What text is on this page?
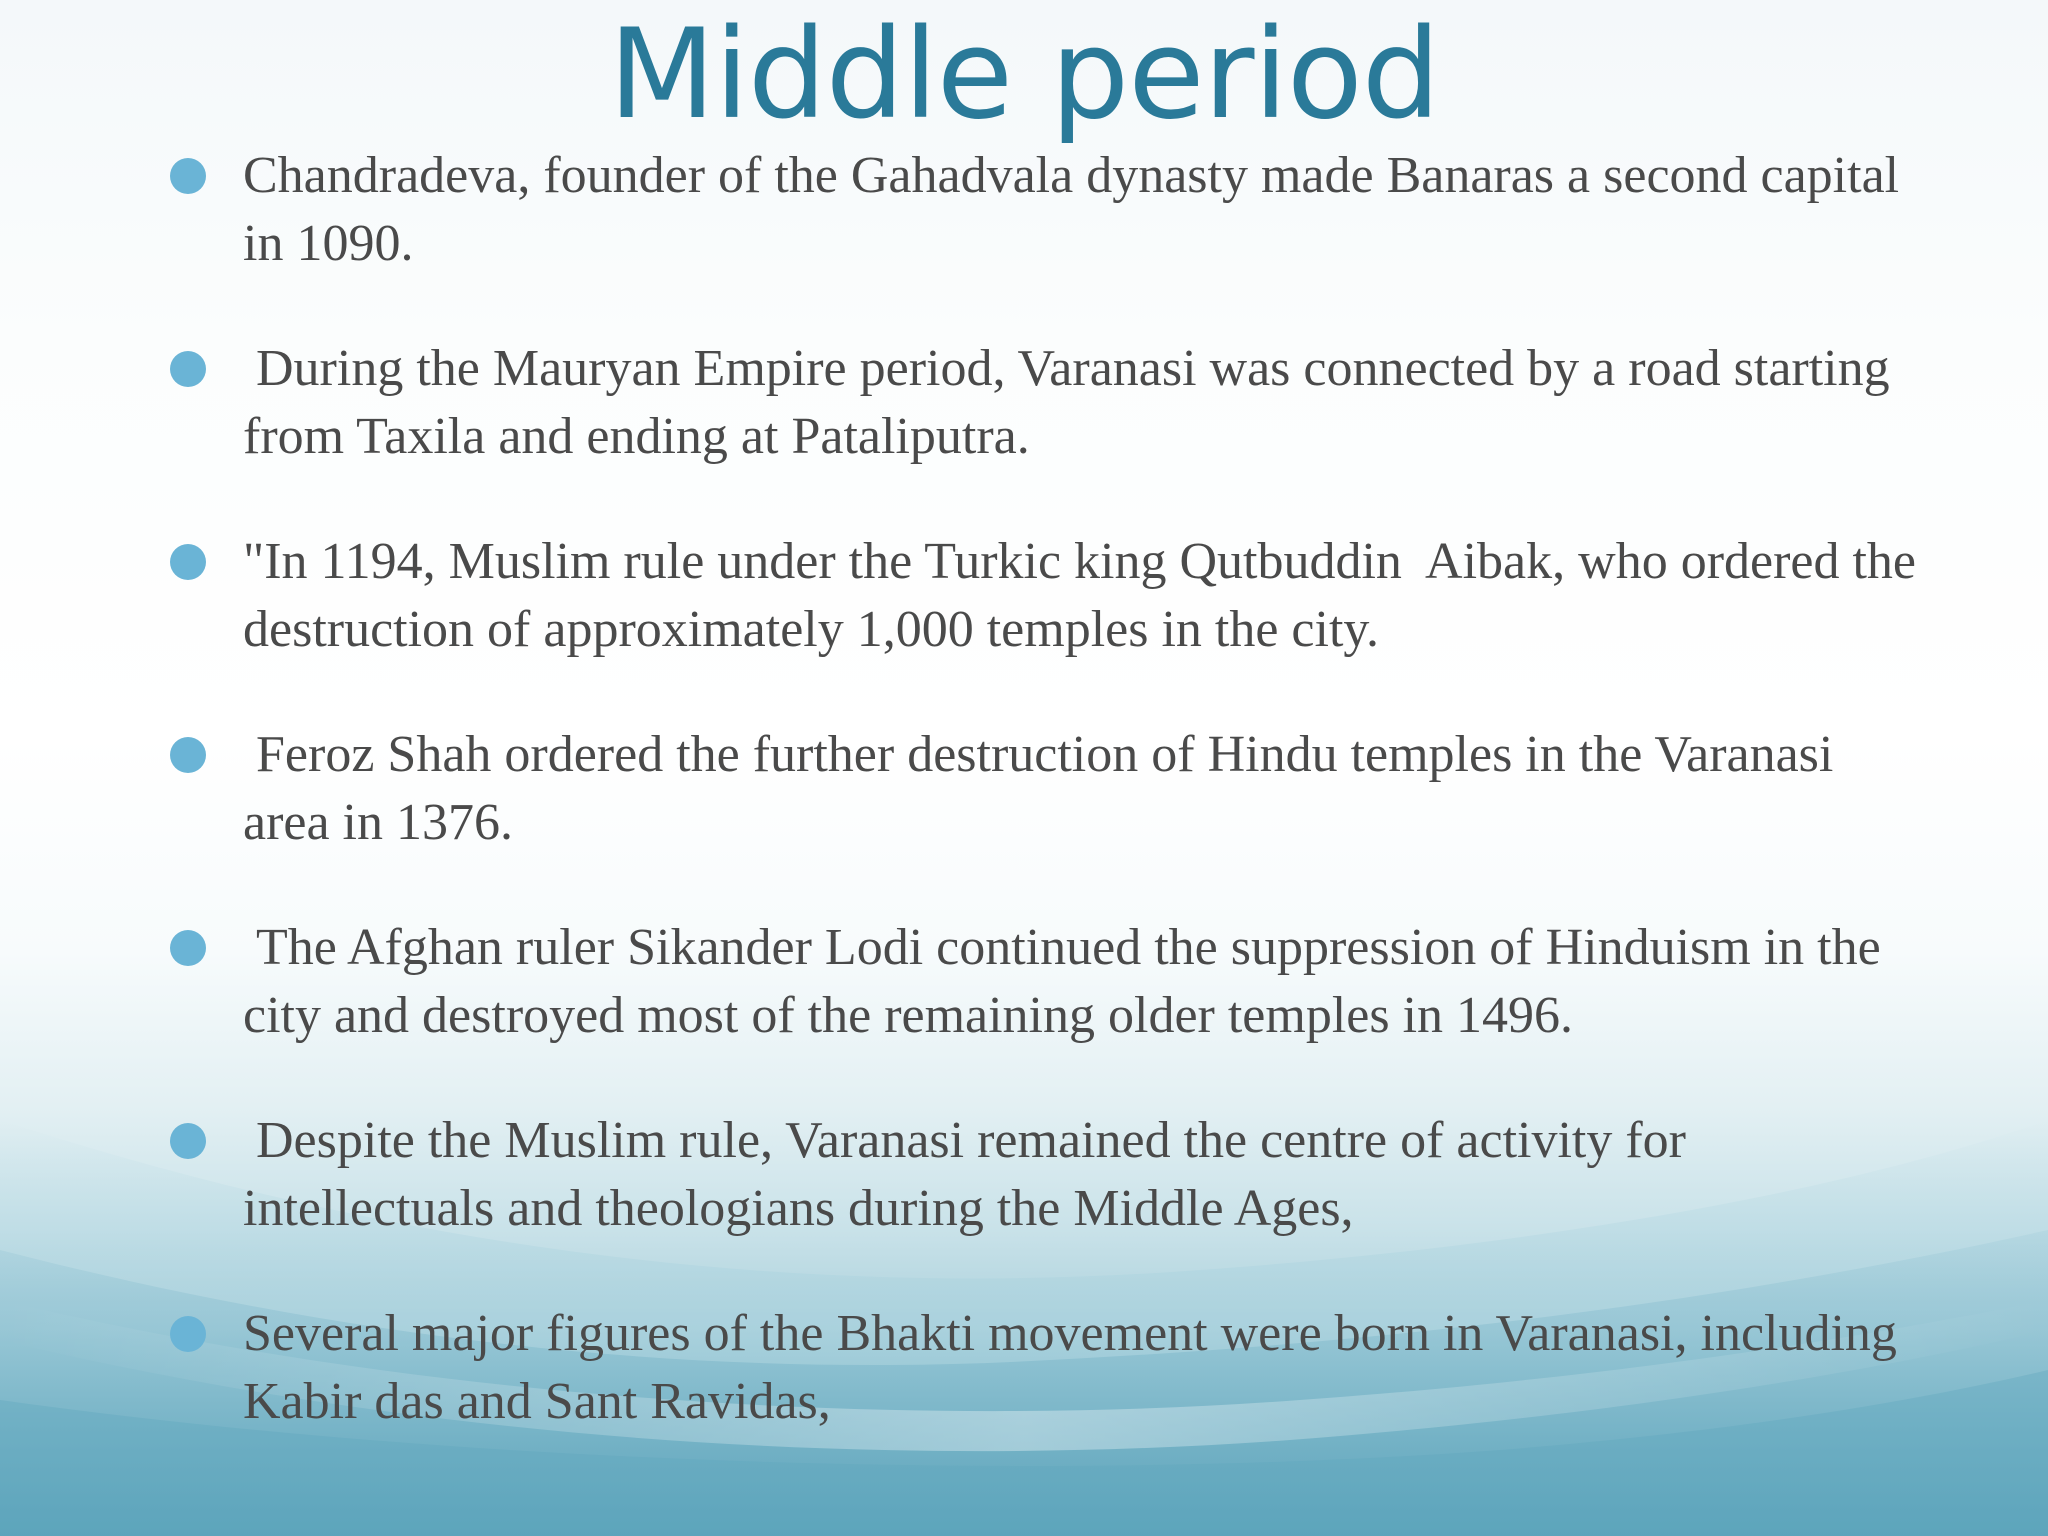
Middle period
Chandradeva, founder of the Gahadvala dynasty made Banaras a second capital in 1090.
During the Mauryan Empire period, Varanasi was connected by a road starting from Taxila and ending at Pataliputra.
"In 1194, Muslim rule under the Turkic king Qutbuddin  Aibak, who ordered the destruction of approximately 1,000 temples in the city.
Feroz Shah ordered the further destruction of Hindu temples in the Varanasi area in 1376.
The Afghan ruler Sikander Lodi continued the suppression of Hinduism in the city and destroyed most of the remaining older temples in 1496.
Despite the Muslim rule, Varanasi remained the centre of activity for intellectuals and theologians during the Middle Ages,
Several major figures of the Bhakti movement were born in Varanasi, including Kabir das and Sant Ravidas,
